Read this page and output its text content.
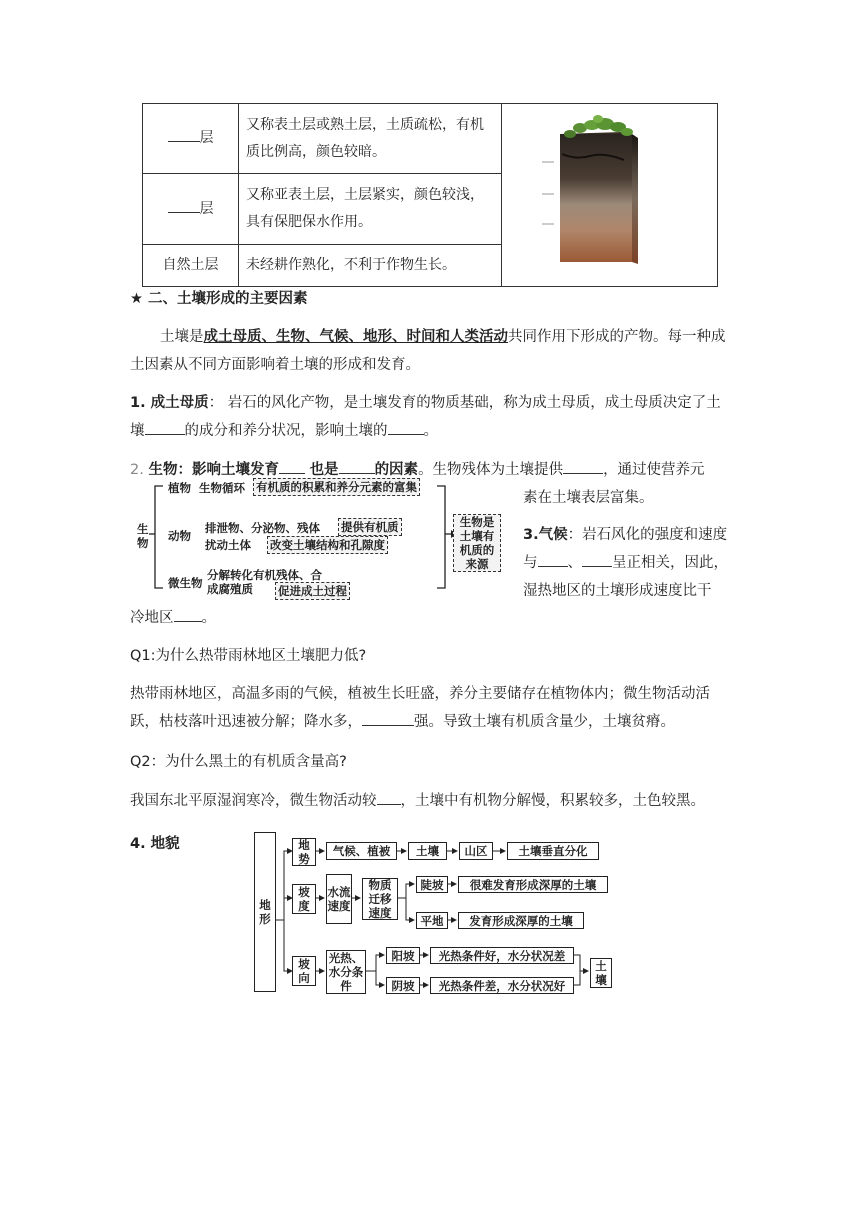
层	又称表土层或熟土层，土质疏松，有机质比例高，颜色较暗。	
层	又称亚表土层，土层紧实，颜色较浅，具有保肥保水作用。	
自然土层	未经耕作熟化，不利于作物生长。	
★ 二、土壤形成的主要因素
土壤是成土母质、生物、气候、地形、时间和人类活动共同作用下形成的产物。每一种成土因素从不同方面影响着土壤的形成和发育。
1. 成土母质： 岩石的风化产物，是土壤发育的物质基础，称为成土母质，成土母质决定了土壤	的成分和养分状况，影响土壤的 。
2. 生物：影响土壤发育 也是 的因素。生物残体为土壤提供	，通过使营养元
素在土壤表层富集。
生物
植物 生物循环 有机质的积累和养分元素的富集
动物
排泄物、分泌物、残体 提供有机质
扰动土体 改变土壤结构和孔隙度
微生物
分解转化有机残体、合成腐殖质	促进成土过程
生物是土壤有机质的来源
3.气候：岩石风化的强度和速度与 、 呈正相关，因此，湿热地区的土壤形成速度比干
冷地区 。
Q1:为什么热带雨林地区土壤肥力低?
热带雨林地区，高温多雨的气候，植被生长旺盛，养分主要储存在植物体内；微生物活动活跃，枯枝落叶迅速被分解；降水多，	强。导致土壤有机质含量少，土壤贫瘠。
Q2：为什么黑土的有机质含量高?
我国东北平原湿润寒冷，微生物活动较 ，土壤中有机物分解慢，积累较多，土色较黑。
4. 地貌
地形
地势
气候、植被	土壤	山区	土壤垂直分化
坡度
水流速度
物质迁移速度
陡坡	很难发育形成深厚的土壤
平地	发育形成深厚的土壤
坡向
光热、水分条件
阳坡	光热条件好，水分状况差
阴坡	光热条件差，水分状况好
土壤
